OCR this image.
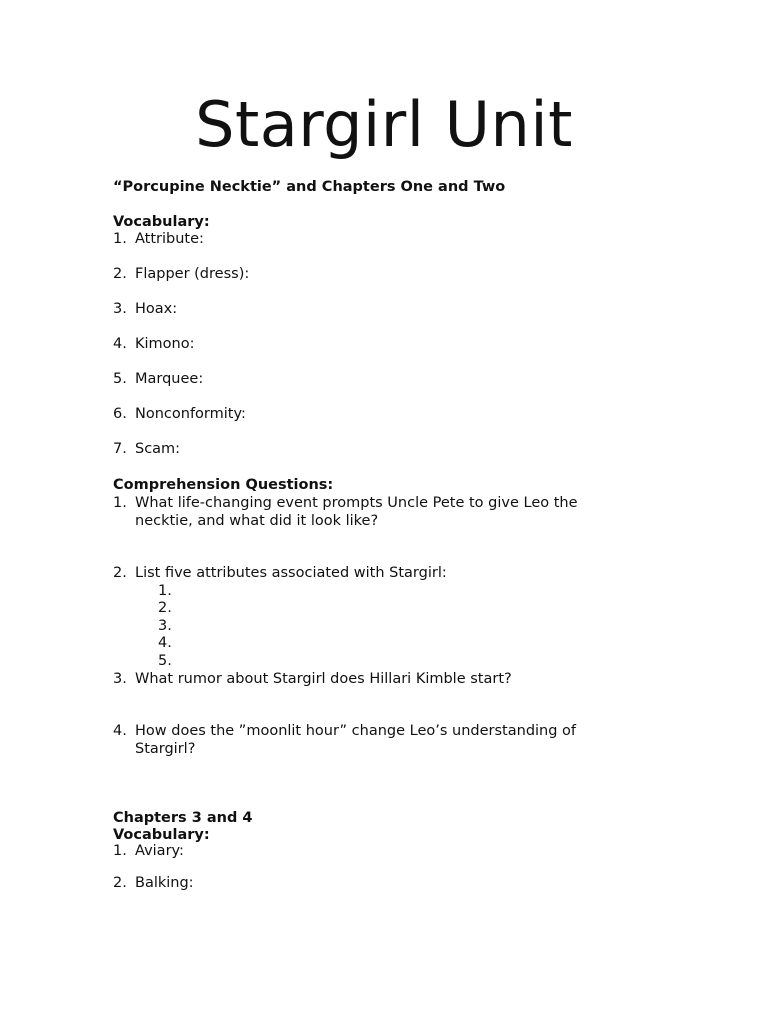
Stargirl Unit
“Porcupine Necktie” and Chapters One and Two
Vocabulary:
1. Attribute:
2. Flapper (dress):
3. Hoax:
4. Kimono:
5. Marquee:
6. Nonconformity:
7. Scam:
Comprehension Questions:
1. What life-changing event prompts Uncle Pete to give Leo the
necktie, and what did it look like?
2. List five attributes associated with Stargirl:
1.
2.
3.
4.
5.
3. What rumor about Stargirl does Hillari Kimble start?
4. How does the ”moonlit hour” change Leo’s understanding of
Stargirl?
Chapters 3 and 4
Vocabulary:
1. Aviary:
2. Balking:
